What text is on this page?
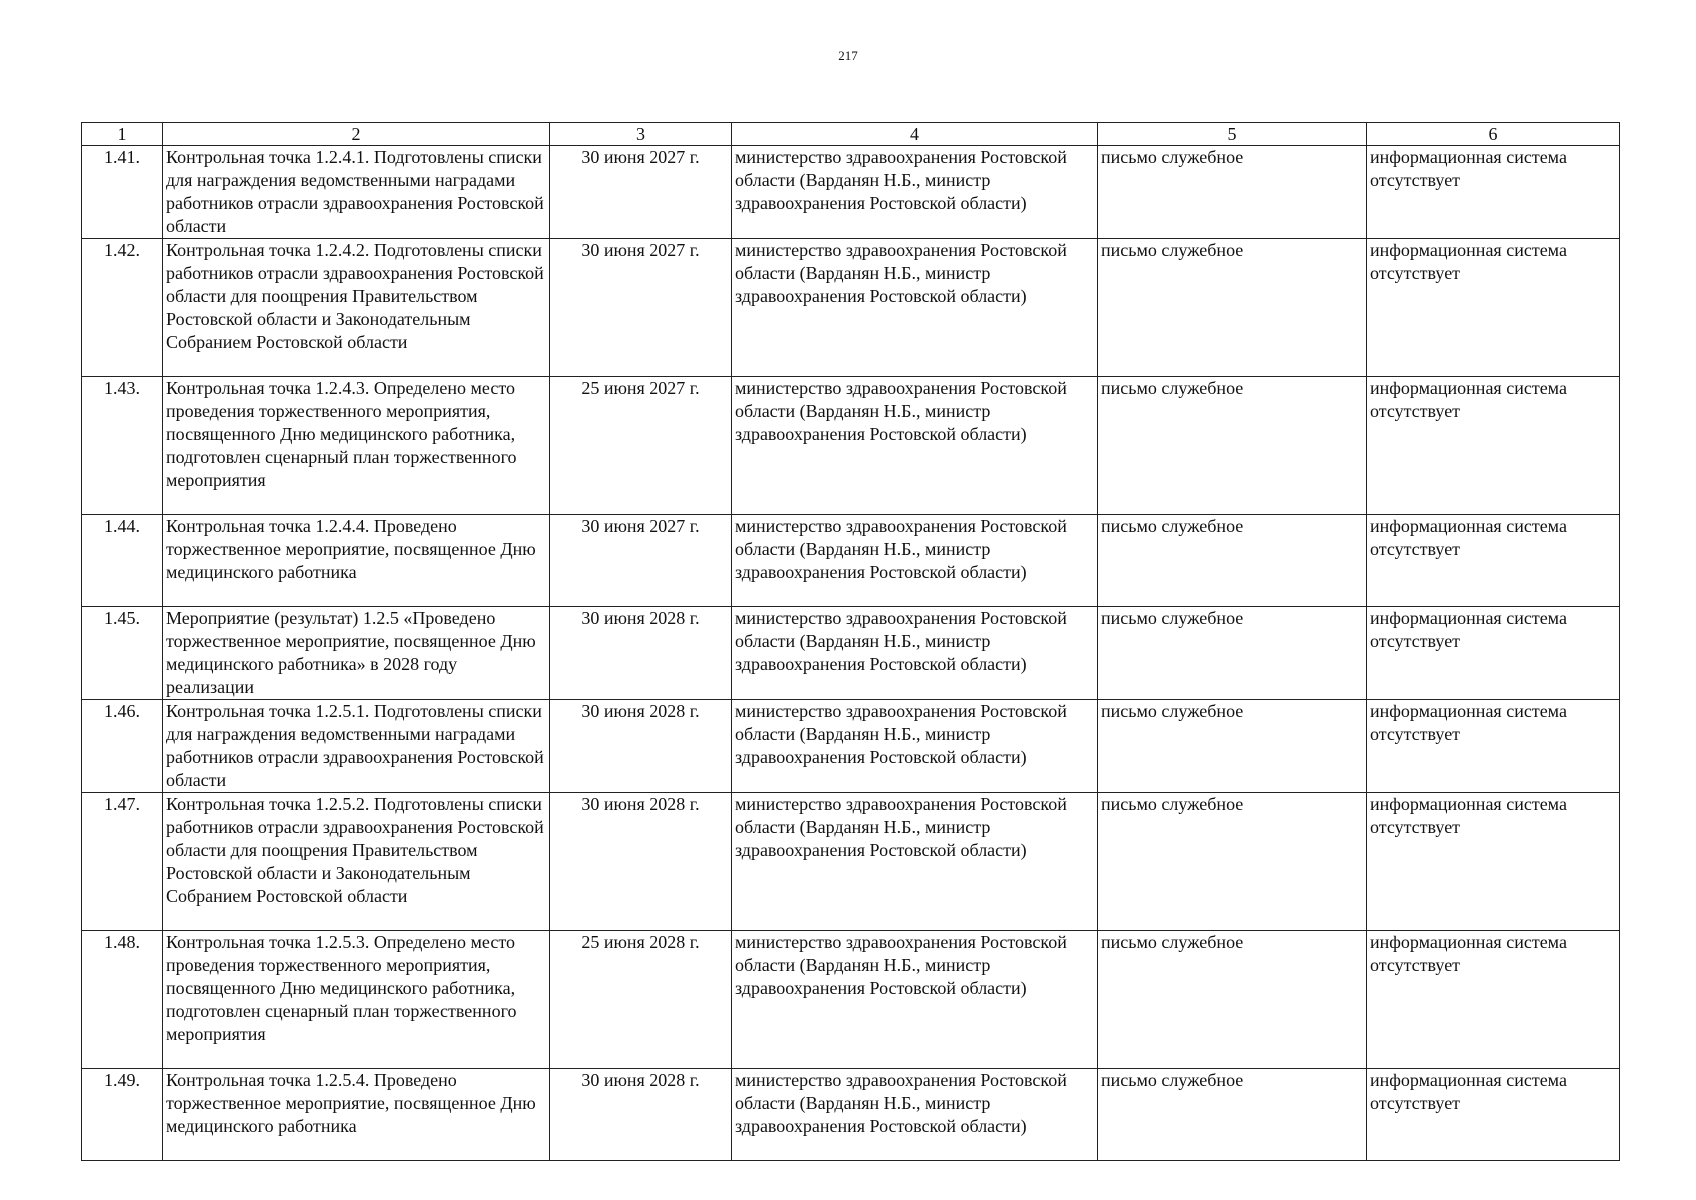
217
1	2	3	4	5	6
1.41.	Контрольная точка 1.2.4.1. Подготовлены списки для награждения ведомственными наградами работников отрасли здравоохранения Ростовской области	30 июня 2027 г.	министерство здравоохранения Ростовской области (Варданян Н.Б., министр здравоохранения Ростовской области)	письмо служебное	информационная система отсутствует
1.42.	Контрольная точка 1.2.4.2. Подготовлены списки работников отрасли здравоохранения Ростовской области для поощрения Правительством Ростовской области и Законодательным Собранием Ростовской области	30 июня 2027 г.	министерство здравоохранения Ростовской области (Варданян Н.Б., министр здравоохранения Ростовской области)	письмо служебное	информационная система отсутствует
1.43.	Контрольная точка 1.2.4.3. Определено место проведения торжественного мероприятия, посвященного Дню медицинского работника, подготовлен сценарный план торжественного мероприятия	25 июня 2027 г.	министерство здравоохранения Ростовской области (Варданян Н.Б., министр здравоохранения Ростовской области)	письмо служебное	информационная система отсутствует
1.44.	Контрольная точка 1.2.4.4. Проведено торжественное мероприятие, посвященное Дню медицинского работника	30 июня 2027 г.	министерство здравоохранения Ростовской области (Варданян Н.Б., министр здравоохранения Ростовской области)	письмо служебное	информационная система отсутствует
1.45.	Мероприятие (результат) 1.2.5 «Проведено торжественное мероприятие, посвященное Дню медицинского работника» в 2028 году реализации	30 июня 2028 г.	министерство здравоохранения Ростовской области (Варданян Н.Б., министр здравоохранения Ростовской области)	письмо служебное	информационная система отсутствует
1.46.	Контрольная точка 1.2.5.1. Подготовлены списки для награждения ведомственными наградами работников отрасли здравоохранения Ростовской области	30 июня 2028 г.	министерство здравоохранения Ростовской области (Варданян Н.Б., министр здравоохранения Ростовской области)	письмо служебное	информационная система отсутствует
1.47.	Контрольная точка 1.2.5.2. Подготовлены списки работников отрасли здравоохранения Ростовской области для поощрения Правительством Ростовской области и Законодательным Собранием Ростовской области	30 июня 2028 г.	министерство здравоохранения Ростовской области (Варданян Н.Б., министр здравоохранения Ростовской области)	письмо служебное	информационная система отсутствует
1.48.	Контрольная точка 1.2.5.3. Определено место проведения торжественного мероприятия, посвященного Дню медицинского работника, подготовлен сценарный план торжественного мероприятия	25 июня 2028 г.	министерство здравоохранения Ростовской области (Варданян Н.Б., министр здравоохранения Ростовской области)	письмо служебное	информационная система отсутствует
1.49.	Контрольная точка 1.2.5.4. Проведено торжественное мероприятие, посвященное Дню медицинского работника	30 июня 2028 г.	министерство здравоохранения Ростовской области (Варданян Н.Б., министр здравоохранения Ростовской области)	письмо служебное	информационная система отсутствует
